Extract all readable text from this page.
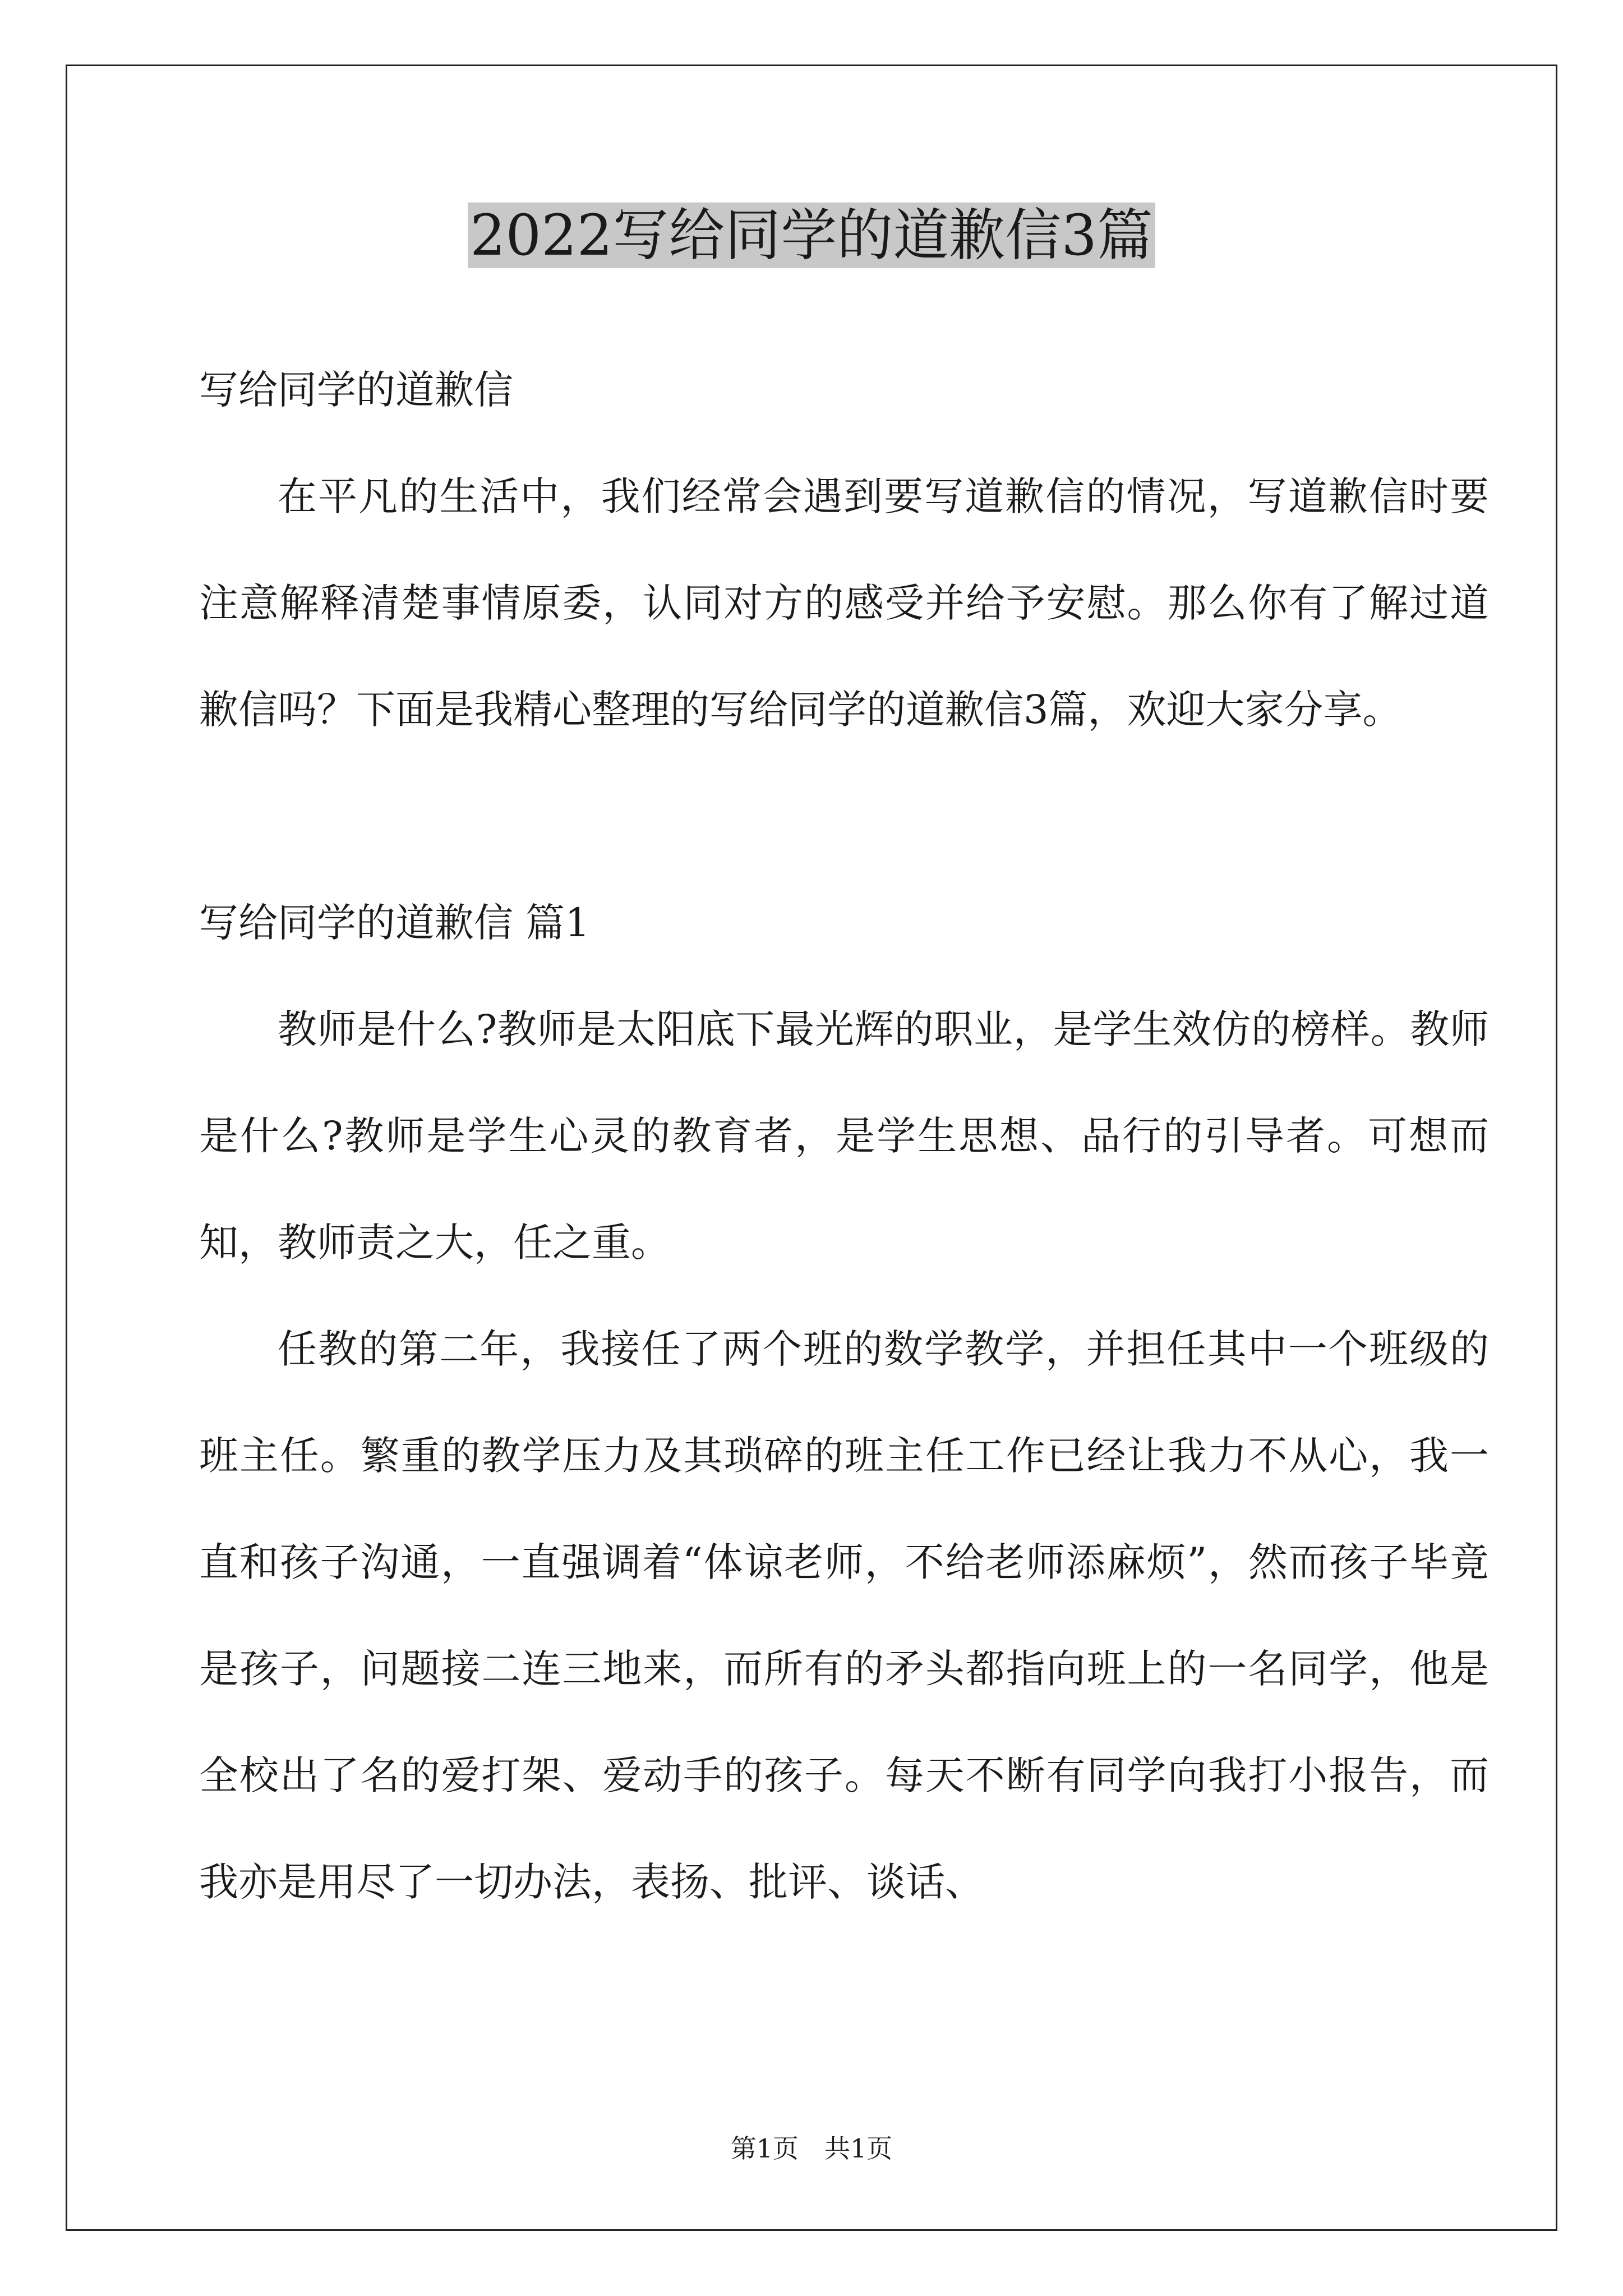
2022写给同学的道歉信3篇

写给同学的道歉信

在平凡的生活中，我们经常会遇到要写道歉信的情况，写道歉信时要注意解释清楚事情原委，认同对方的感受并给予安慰。那么你有了解过道歉信吗？下面是我精心整理的写给同学的道歉信3篇，欢迎大家分享。

写给同学的道歉信 篇1

教师是什么?教师是太阳底下最光辉的职业，是学生效仿的榜样。教师是什么?教师是学生心灵的教育者，是学生思想、品行的引导者。可想而知，教师责之大，任之重。

任教的第二年，我接任了两个班的数学教学，并担任其中一个班级的班主任。繁重的教学压力及其琐碎的班主任工作已经让我力不从心，我一直和孩子沟通，一直强调着“体谅老师，不给老师添麻烦”，然而孩子毕竟是孩子，问题接二连三地来，而所有的矛头都指向班上的一名同学，他是全校出了名的爱打架、爱动手的孩子。每天不断有同学向我打小报告，而我亦是用尽了一切办法，表扬、批评、谈话、

第1页　共1页
